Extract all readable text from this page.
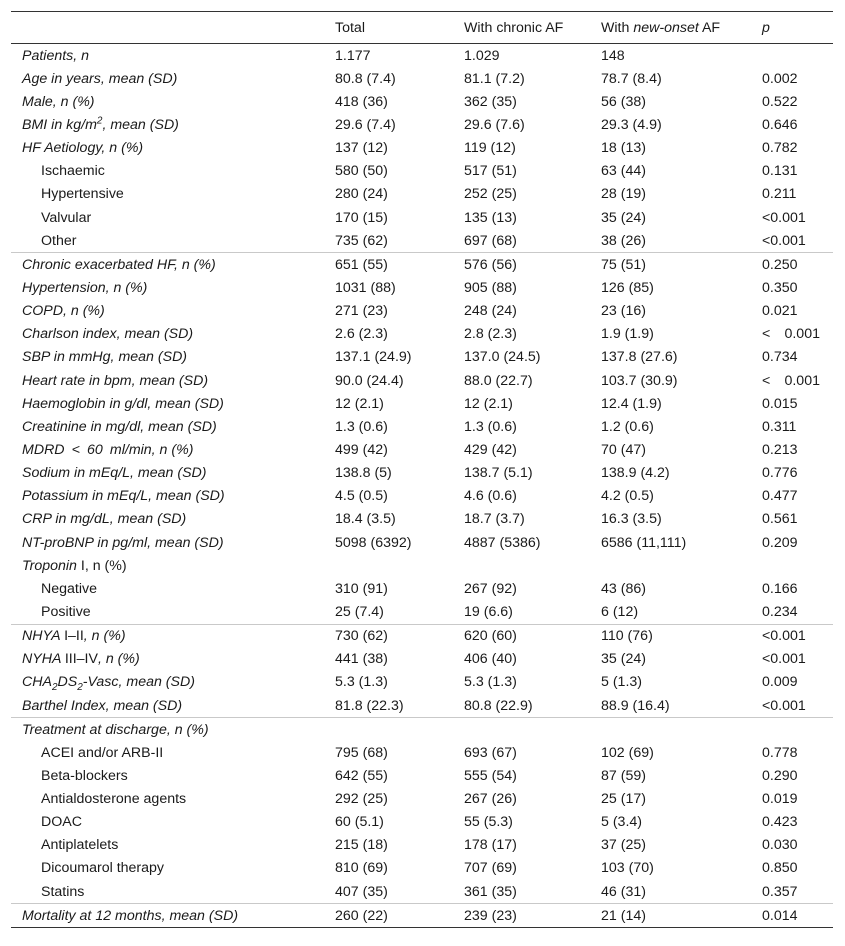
	Total	With chronic AF	With new-onset AF	p
Patients, n	1.177	1.029	148	
Age in years, mean (SD)	80.8 (7.4)	81.1 (7.2)	78.7 (8.4)	0.002
Male, n (%)	418 (36)	362 (35)	56 (38)	0.522
BMI in $kg/m^2$, mean (SD)	29.6 (7.4)	29.6 (7.6)	29.3 (4.9)	0.646
HF Aetiology, n (%)	137 (12)	119 (12)	18 (13)	0.782
Ischaemic	580 (50)	517 (51)	63 (44)	0.131
Hypertensive	280 (24)	252 (25)	28 (19)	0.211
Valvular	170 (15)	135 (13)	35 (24)	<0.001
Other	735 (62)	697 (68)	38 (26)	<0.001
Chronic exacerbated HF, n (%)	651 (55)	576 (56)	75 (51)	0.250
Hypertension, n (%)	1031 (88)	905 (88)	126 (85)	0.350
COPD, n (%)	271 (23)	248 (24)	23 (16)	0.021
Charlson index, mean (SD)	2.6 (2.3)	2.8 (2.3)	1.9 (1.9)	< 0.001
SBP in mmHg, mean (SD)	137.1 (24.9)	137.0 (24.5)	137.8 (27.6)	0.734
Heart rate in bpm, mean (SD)	90.0 (24.4)	88.0 (22.7)	103.7 (30.9)	< 0.001
Haemoglobin in g/dl, mean (SD)	12 (2.1)	12 (2.1)	12.4 (1.9)	0.015
Creatinine in mg/dl, mean (SD)	1.3 (0.6)	1.3 (0.6)	1.2 (0.6)	0.311
MDRD < 60 ml/min, n (%)	499 (42)	429 (42)	70 (47)	0.213
Sodium in mEq/L, mean (SD)	138.8 (5)	138.7 (5.1)	138.9 (4.2)	0.776
Potassium in mEq/L, mean (SD)	4.5 (0.5)	4.6 (0.6)	4.2 (0.5)	0.477
CRP in mg/dL, mean (SD)	18.4 (3.5)	18.7 (3.7)	16.3 (3.5)	0.561
NT-proBNP in pg/ml, mean (SD)	5098 (6392)	4887 (5386)	6586 (11,111)	0.209
Troponin I, n (%)				
Negative	310 (91)	267 (92)	43 (86)	0.166
Positive	25 (7.4)	19 (6.6)	6 (12)	0.234
NHYA I–II, n (%)	730 (62)	620 (60)	110 (76)	<0.001
NYHA III–IV, n (%)	441 (38)	406 (40)	35 (24)	<0.001
$CHA_2DS_2$-Vasc, mean (SD)	5.3 (1.3)	5.3 (1.3)	5 (1.3)	0.009
Barthel Index, mean (SD)	81.8 (22.3)	80.8 (22.9)	88.9 (16.4)	<0.001
Treatment at discharge, n (%)				
ACEI and/or ARB-II	795 (68)	693 (67)	102 (69)	0.778
Beta-blockers	642 (55)	555 (54)	87 (59)	0.290
Antialdosterone agents	292 (25)	267 (26)	25 (17)	0.019
DOAC	60 (5.1)	55 (5.3)	5 (3.4)	0.423
Antiplatelets	215 (18)	178 (17)	37 (25)	0.030
Dicoumarol therapy	810 (69)	707 (69)	103 (70)	0.850
Statins	407 (35)	361 (35)	46 (31)	0.357
Mortality at 12 months, mean (SD)	260 (22)	239 (23)	21 (14)	0.014
